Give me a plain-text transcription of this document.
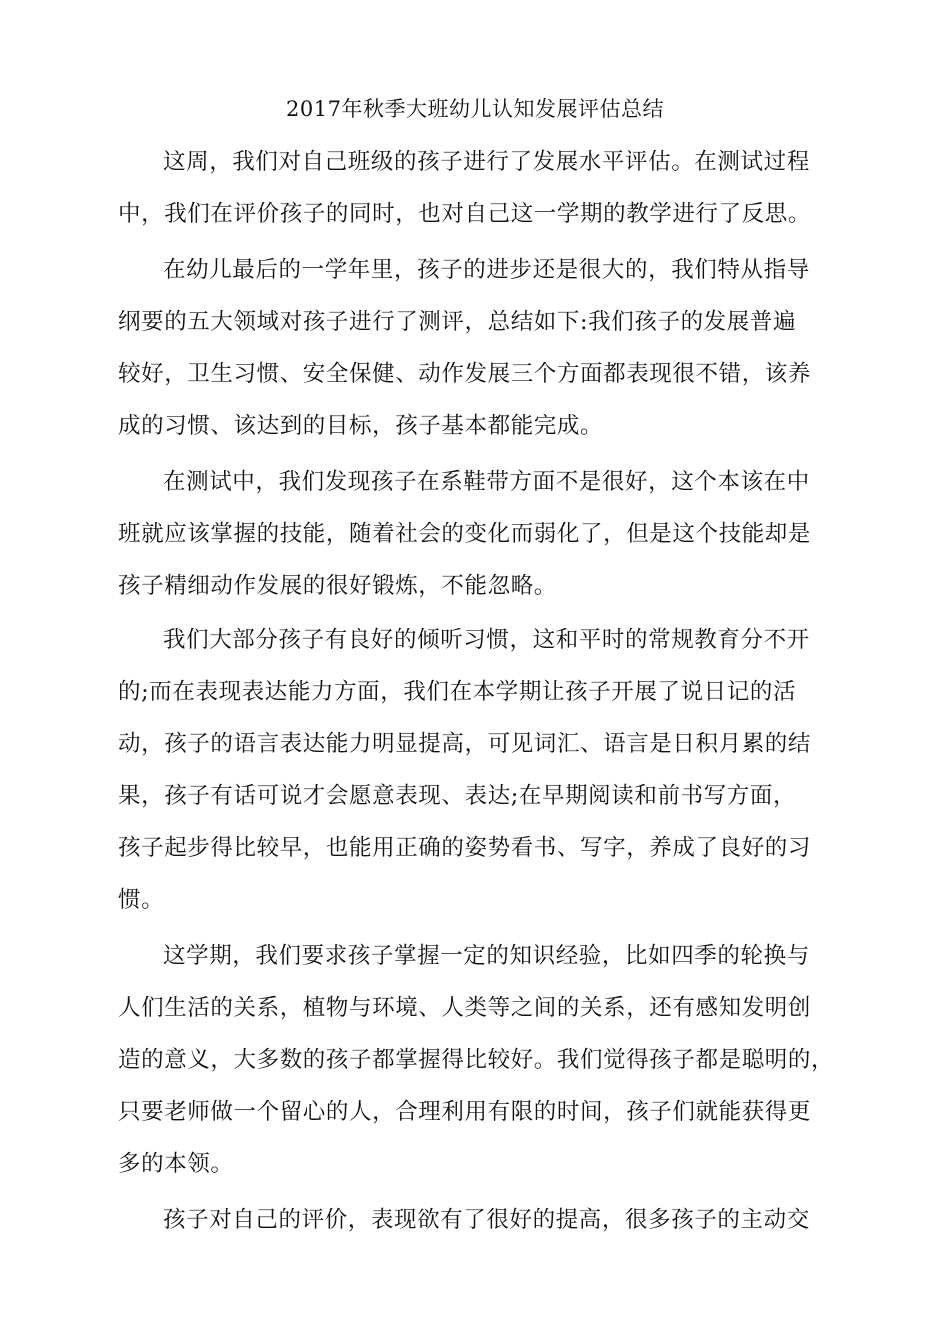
2017年秋季大班幼儿认知发展评估总结

这周，我们对自己班级的孩子进行了发展水平评估。在测试过程
中，我们在评价孩子的同时，也对自己这一学期的教学进行了反思。

在幼儿最后的一学年里，孩子的进步还是很大的，我们特从指导
纲要的五大领域对孩子进行了测评，总结如下:我们孩子的发展普遍
较好，卫生习惯、安全保健、动作发展三个方面都表现很不错，该养
成的习惯、该达到的目标，孩子基本都能完成。

在测试中，我们发现孩子在系鞋带方面不是很好，这个本该在中
班就应该掌握的技能，随着社会的变化而弱化了，但是这个技能却是
孩子精细动作发展的很好锻炼，不能忽略。

我们大部分孩子有良好的倾听习惯，这和平时的常规教育分不开
的;而在表现表达能力方面，我们在本学期让孩子开展了说日记的活
动，孩子的语言表达能力明显提高，可见词汇、语言是日积月累的结
果，孩子有话可说才会愿意表现、表达;在早期阅读和前书写方面，
孩子起步得比较早，也能用正确的姿势看书、写字，养成了良好的习
惯。

这学期，我们要求孩子掌握一定的知识经验，比如四季的轮换与
人们生活的关系，植物与环境、人类等之间的关系，还有感知发明创
造的意义，大多数的孩子都掌握得比较好。我们觉得孩子都是聪明的，
只要老师做一个留心的人，合理利用有限的时间，孩子们就能获得更
多的本领。

孩子对自己的评价，表现欲有了很好的提高，很多孩子的主动交
